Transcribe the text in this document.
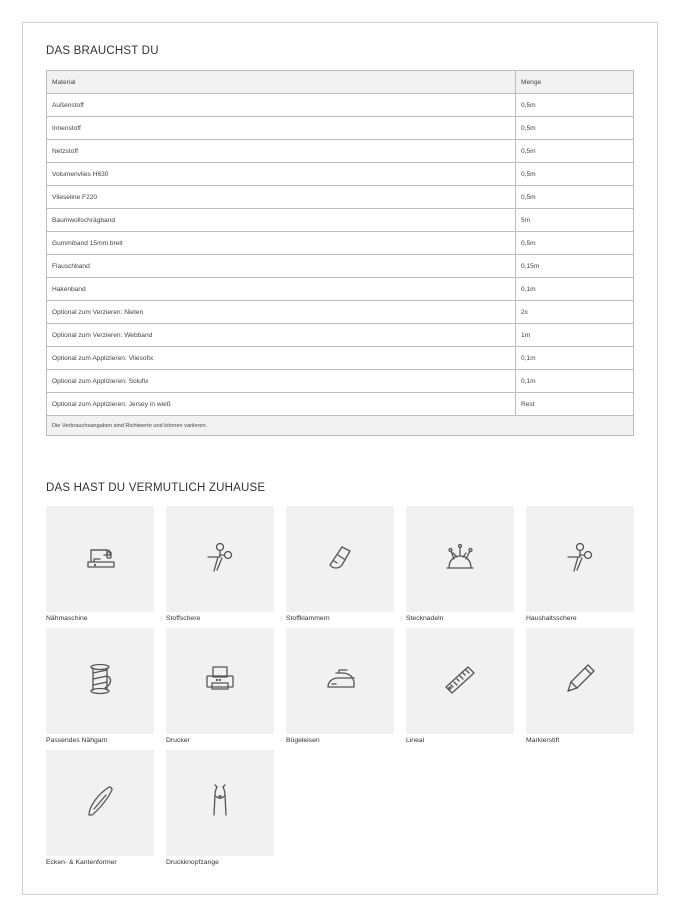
DAS BRAUCHST DU
Material	Menge
Außenstoff	0,5m
Innenstoff	0,5m
Netzstoff	0,5m
Volumenvlies H630	0,5m
Vlieseline F220	0,5m
Baumwollschrägband	5m
Gummiband 15mm breit	0,5m
Flauschband	0,15m
Hakenband	0,1m
Optional zum Verzieren: Nieten	2x
Optional zum Verzieren: Webband	1m
Optional zum Applizieren: Vliesofix	0,1m
Optional zum Applizieren: Solufix	0,1m
Optional zum Applizieren: Jersey in weiß	Rest
Die Verbrauchsangaben sind Richtwerte und können variieren.	
DAS HAST DU VERMUTLICH ZUHAUSE
Nähmaschine	Stoffschere	Stoffklammern	Stecknadeln	Haushaltsschere
Passendes Nähgarn	Drucker	Bügeleisen	Lineal	Markierstift
Ecken- & Kantenformer	Druckknopfzange
